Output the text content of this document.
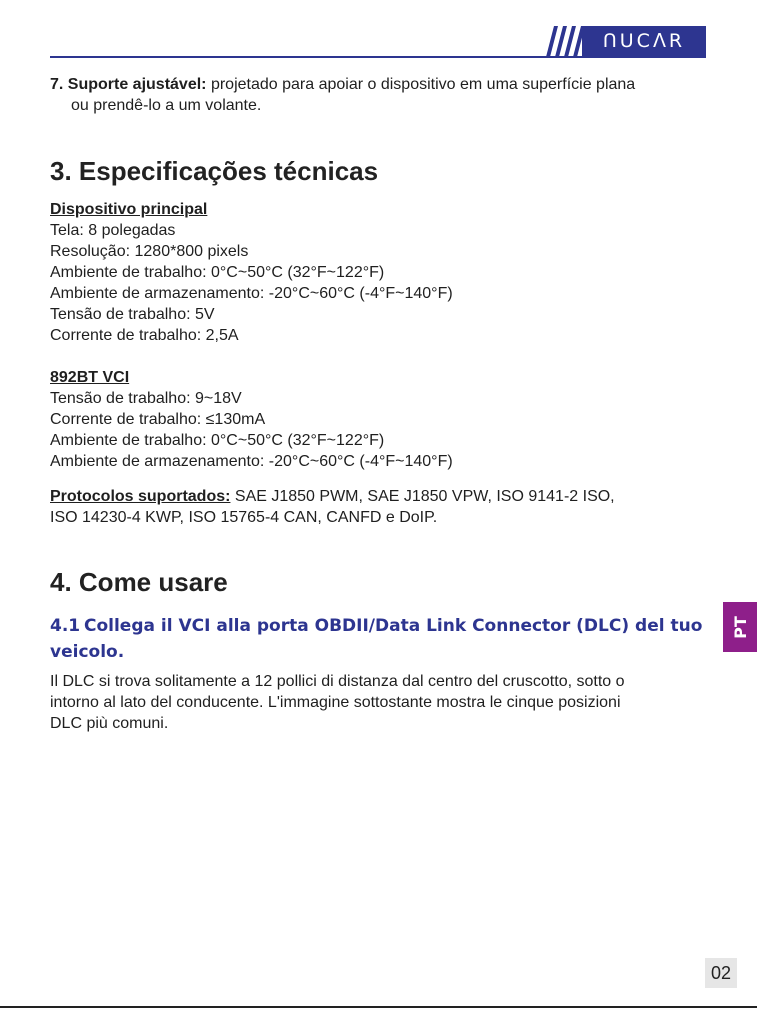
ՈUCᐱR

7. Suporte ajustável: projetado para apoiar o dispositivo em uma superfície plana

ou prendê-lo a um volante.

3. Especificações técnicas

Dispositivo principal

Tela: 8 polegadas

Resolução: 1280*800 pixels

Ambiente de trabalho: 0°C~50°C (32°F~122°F)

Ambiente de armazenamento: -20°C~60°C (-4°F~140°F)

Tensão de trabalho: 5V

Corrente de trabalho: 2,5A

892BT VCI

Tensão de trabalho: 9~18V

Corrente de trabalho: ≤130mA

Ambiente de trabalho: 0°C~50°C (32°F~122°F)

Ambiente de armazenamento: -20°C~60°C (-4°F~140°F)

Protocolos suportados: SAE J1850 PWM, SAE J1850 VPW, ISO 9141-2 ISO,

ISO 14230-4 KWP, ISO 15765-4 CAN, CANFD e DoIP.

4. Come usare

4.1 Collega il VCI alla porta OBDII/Data Link Connector (DLC) del tuo

veicolo.

Il DLC si trova solitamente a 12 pollici di distanza dal centro del cruscotto, sotto o

intorno al lato del conducente. L'immagine sottostante mostra le cinque posizioni

DLC più comuni.

PT
02
